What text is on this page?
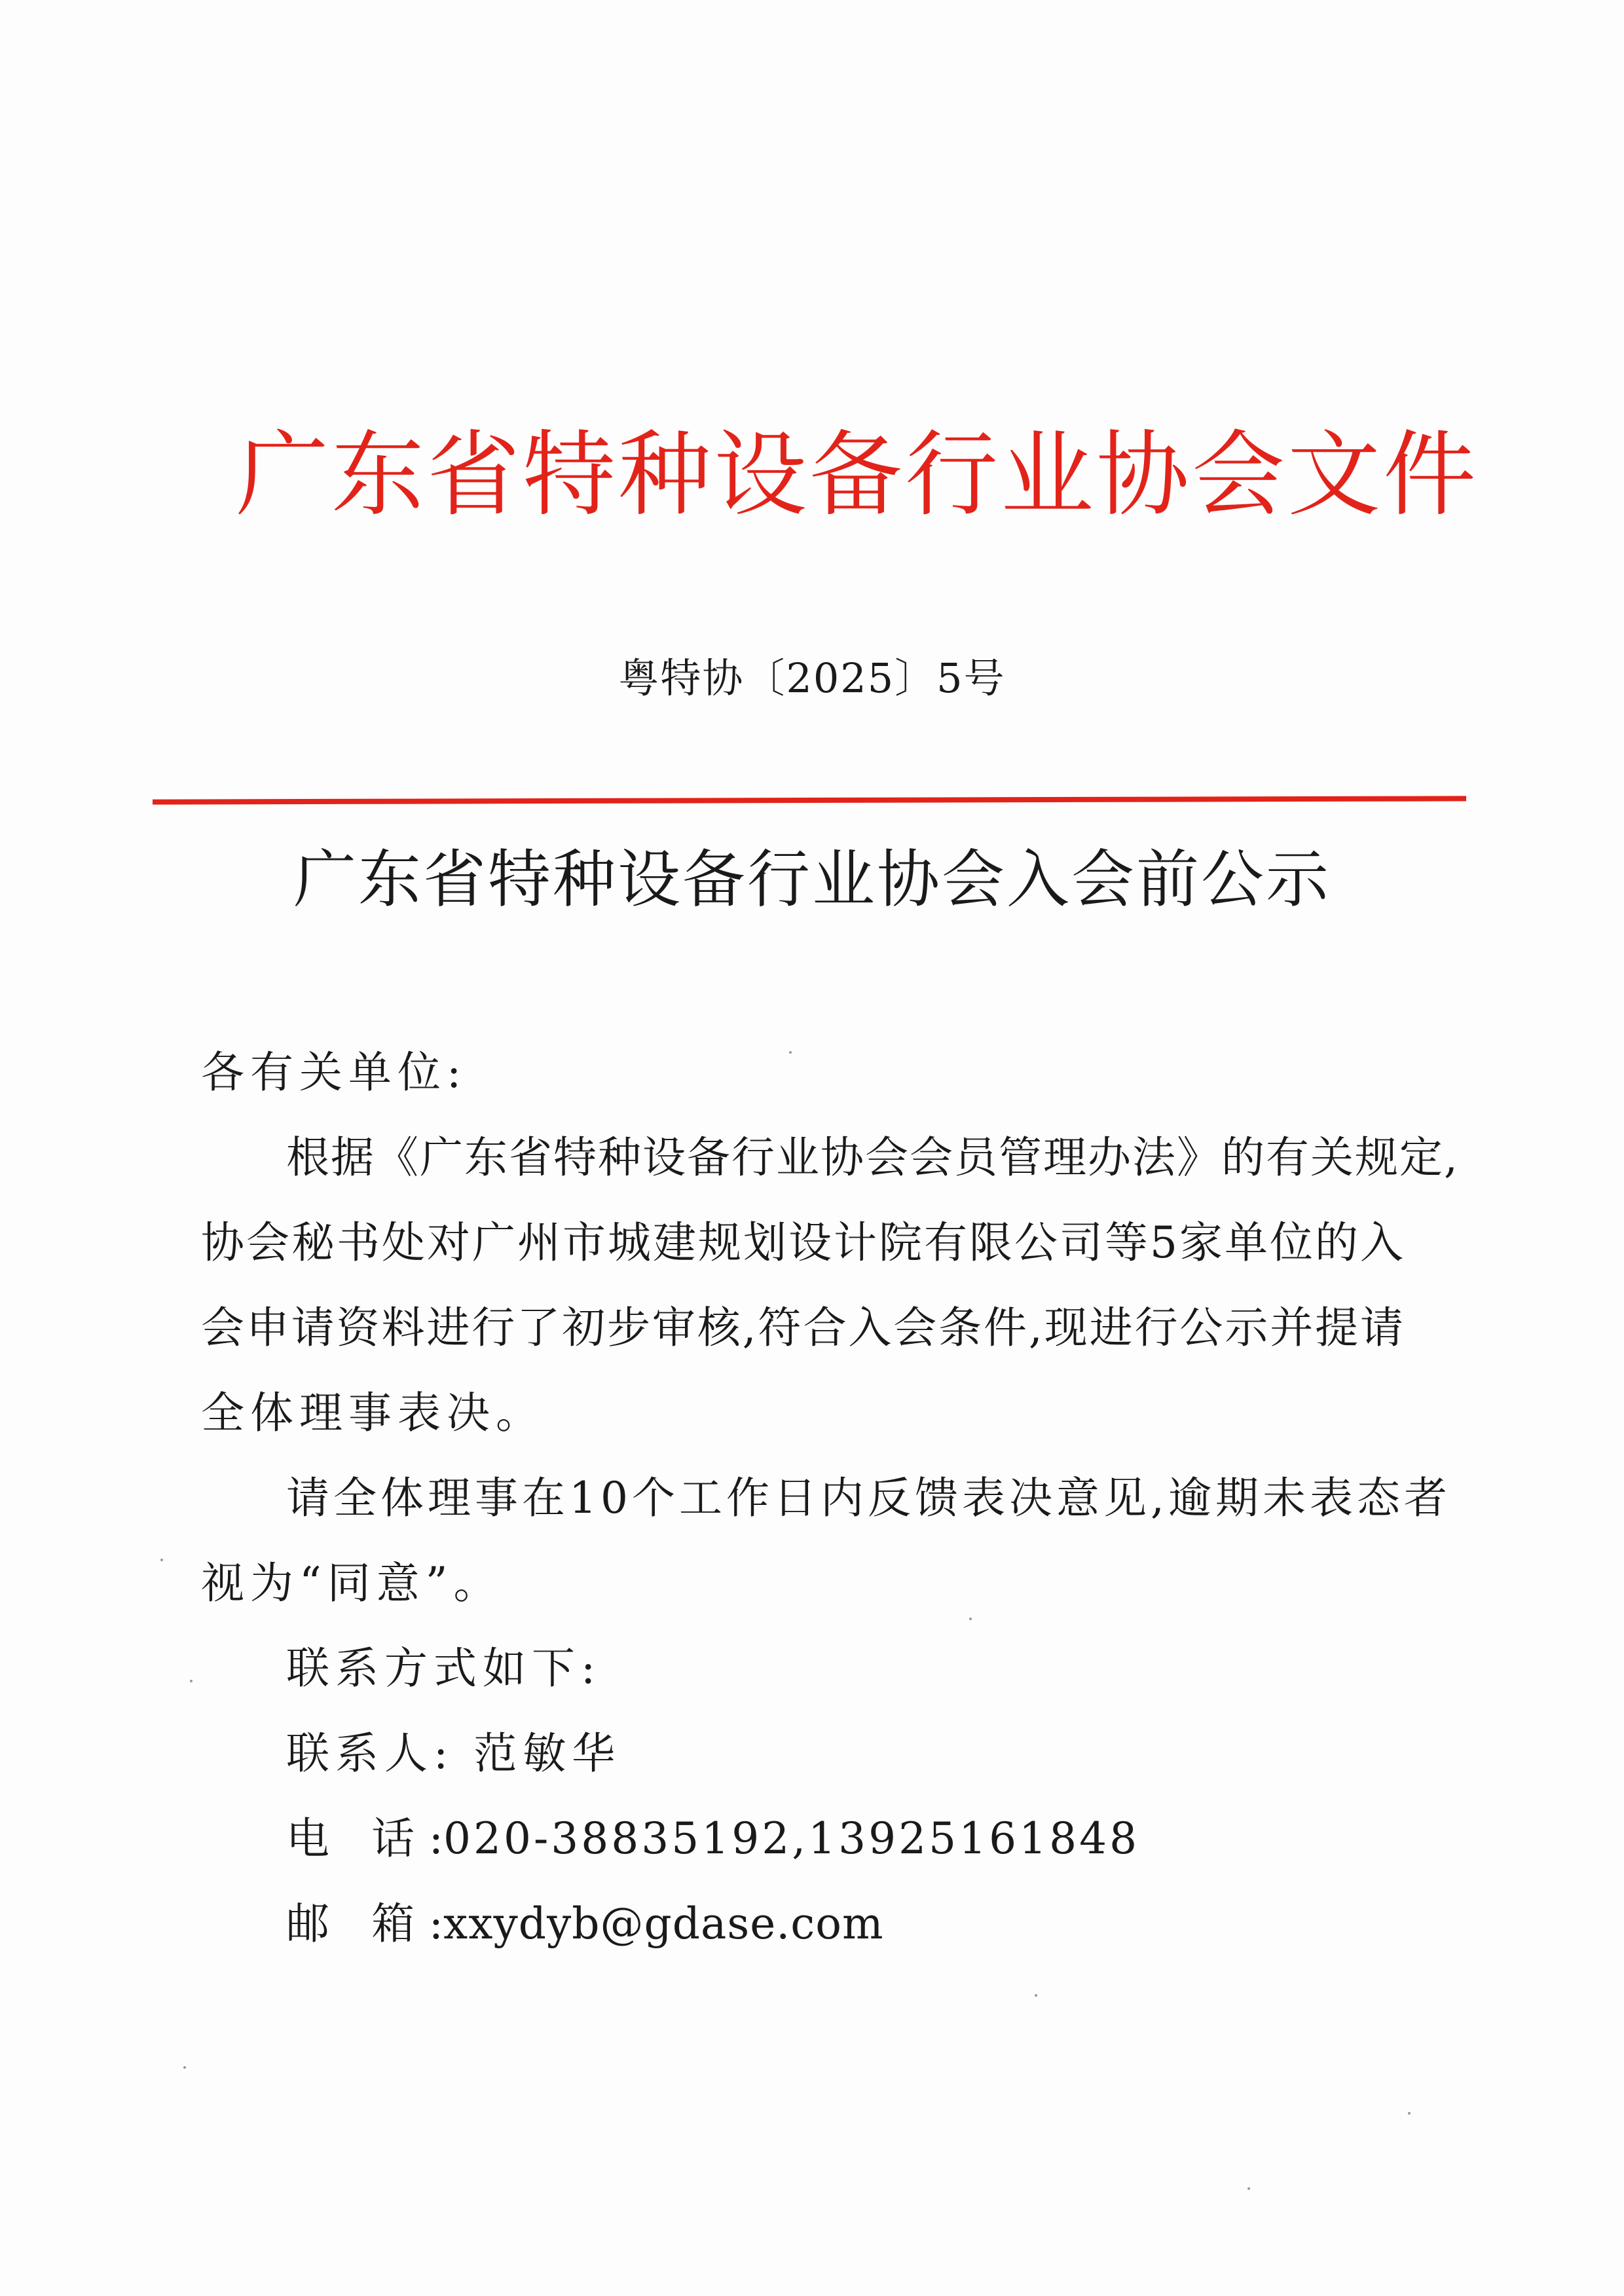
广东省特种设备行业协会文件
粤特协〔2025〕5号
广东省特种设备行业协会入会前公示
各有关单位:
根据《广东省特种设备行业协会会员管理办法》的有关规定,
协会秘书处对广州市城建规划设计院有限公司等5家单位的入
会申请资料进行了初步审核,符合入会条件,现进行公示并提请
全体理事表决。
请全体理事在10个工作日内反馈表决意见,逾期未表态者
视为“同意”。
联系方式如下:
联系人: 范敏华
电 话:020-38835192,13925161848
邮 箱:xxydyb@gdase.com
